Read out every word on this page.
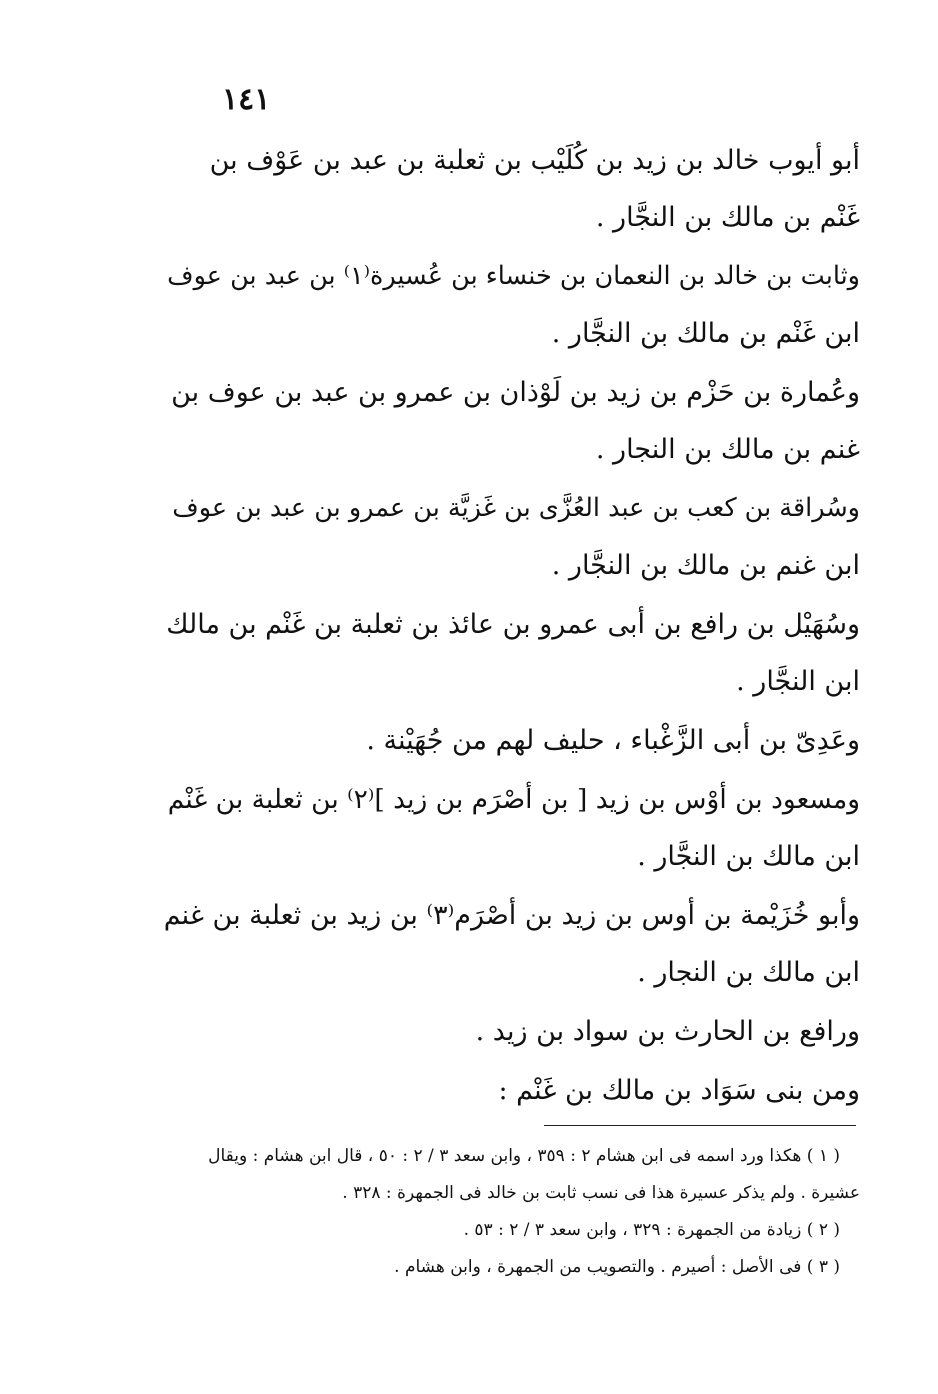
١٤١

أبو أيوب خالد بن زيد بن كُلَيْب بن ثعلبة بن عبد بن عَوْف بن
غَنْم بن مالك بن النجَّار .

وثابت بن خالد بن النعمان بن خنساء بن عُسيرة⁽١⁾ بن عبد بن عوف
ابن غَنْم بن مالك بن النجَّار .

وعُمارة بن حَزْم بن زيد بن لَوْذان بن عمرو بن عبد بن عوف بن
غنم بن مالك بن النجار .

وسُراقة بن كعب بن عبد العُزَّى بن غَزيَّة بن عمرو بن عبد بن عوف
ابن غنم بن مالك بن النجَّار .

وسُهَيْل بن رافع بن أبى عمرو بن عائذ بن ثعلبة بن غَنْم بن مالك
ابن النجَّار .

وعَدِىّ بن أبى الزَّغْباء ، حليف لهم من جُهَيْنة .

ومسعود بن أوْس بن زيد [ بن أصْرَم بن زيد ]⁽٢⁾ بن ثعلبة بن غَنْم
ابن مالك بن النجَّار .

وأبو خُزَيْمة بن أوس بن زيد بن أصْرَم⁽٣⁾ بن زيد بن ثعلبة بن غنم
ابن مالك بن النجار .

ورافع بن الحارث بن سواد بن زيد .

ومن بنى سَوَاد بن مالك بن غَنْم :

( ١ ) هكذا ورد اسمه فى ابن هشام ٢ : ٣٥٩ ، وابن سعد ٣ / ٢ : ٥٠ ، قال ابن هشام : ويقال
عشيرة . ولم يذكر عسيرة هذا فى نسب ثابت بن خالد فى الجمهرة : ٣٢٨ .
( ٢ ) زيادة من الجمهرة : ٣٢٩ ، وابن سعد ٣ / ٢ : ٥٣ .
( ٣ ) فى الأصل : أصيرم . والتصويب من الجمهرة ، وابن هشام .
